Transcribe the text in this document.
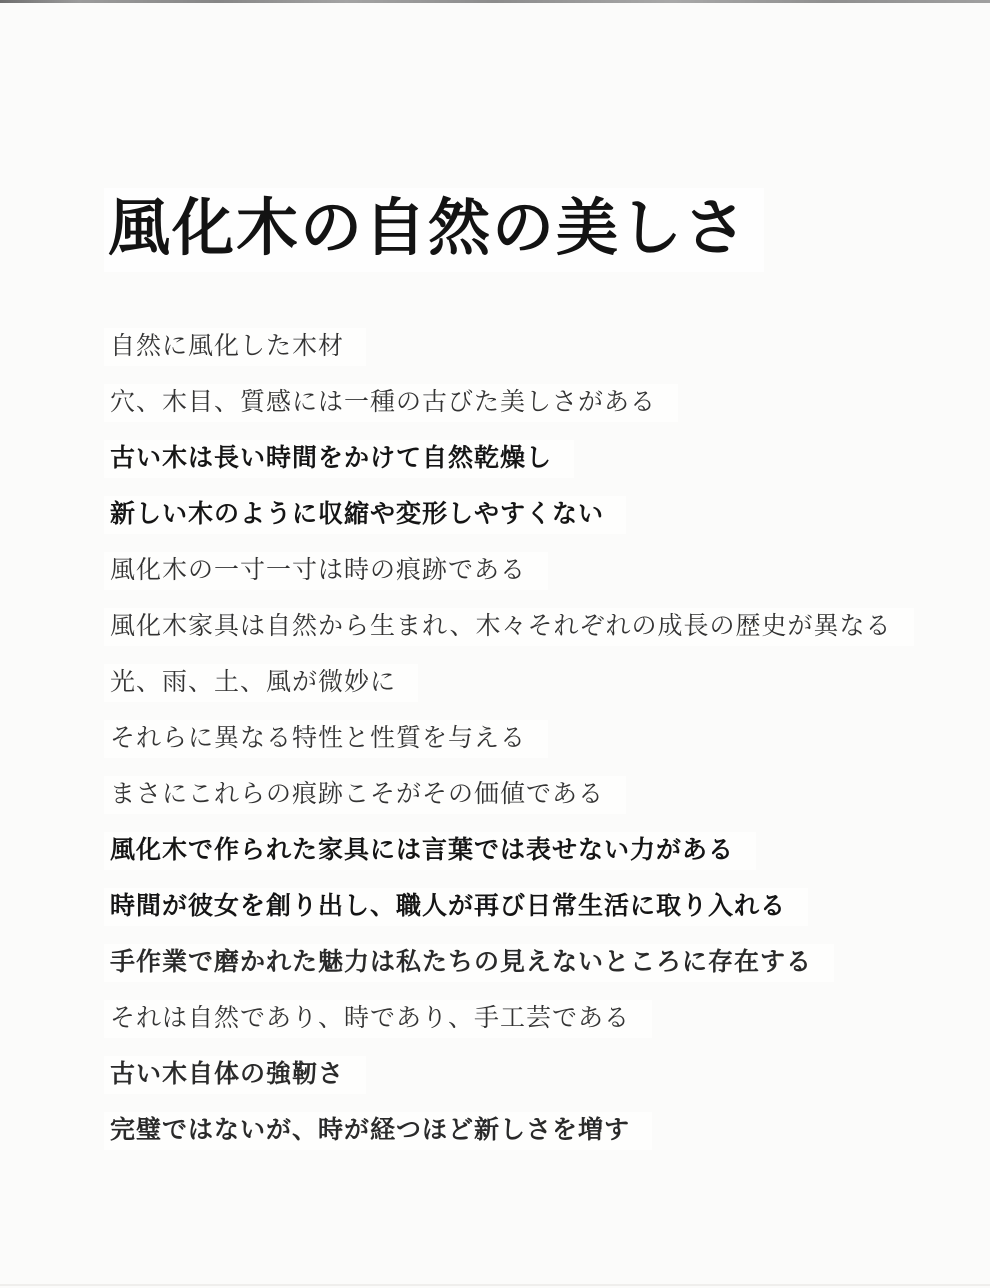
風化木の自然の美しさ
自然に風化した木材
穴、木目、質感には一種の古びた美しさがある
古い木は長い時間をかけて自然乾燥し
新しい木のように収縮や変形しやすくない
風化木の一寸一寸は時の痕跡である
風化木家具は自然から生まれ、木々それぞれの成長の歴史が異なる
光、雨、土、風が微妙に
それらに異なる特性と性質を与える
まさにこれらの痕跡こそがその価値である
風化木で作られた家具には言葉では表せない力がある
時間が彼女を創り出し、職人が再び日常生活に取り入れる
手作業で磨かれた魅力は私たちの見えないところに存在する
それは自然であり、時であり、手工芸である
古い木自体の強靭さ
完璧ではないが、時が経つほど新しさを増す
